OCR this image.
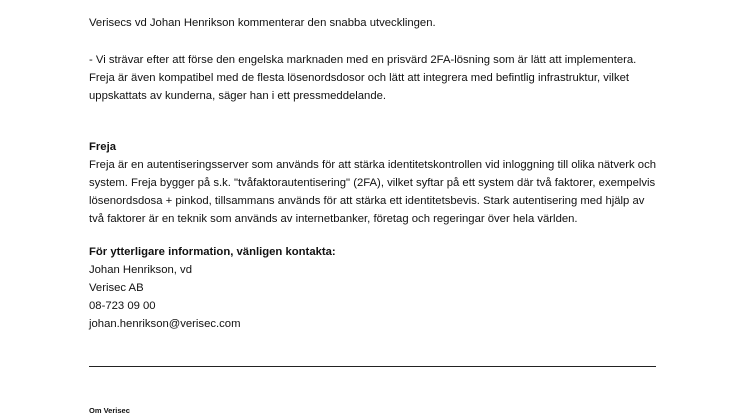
Verisecs vd Johan Henrikson kommenterar den snabba utvecklingen.

- Vi strävar efter att förse den engelska marknaden med en prisvärd 2FA-lösning som är lätt att implementera.

Freja är även kompatibel med de flesta lösenordsdosor och lätt att integrera med befintlig infrastruktur, vilket

uppskattats av kunderna, säger han i ett pressmeddelande.

Freja

Freja är en autentiseringsserver som används för att stärka identitetskontrollen vid inloggning till olika nätverk och

system. Freja bygger på s.k. "tvåfaktorautentisering" (2FA), vilket syftar på ett system där två faktorer, exempelvis

lösenordsdosa + pinkod, tillsammans används för att stärka ett identitetsbevis. Stark autentisering med hjälp av

två faktorer är en teknik som används av internetbanker, företag och regeringar över hela världen.

För ytterligare information, vänligen kontakta:

Johan Henrikson, vd

Verisec AB

08-723 09 00

johan.henrikson@verisec.com

Om Verisec
